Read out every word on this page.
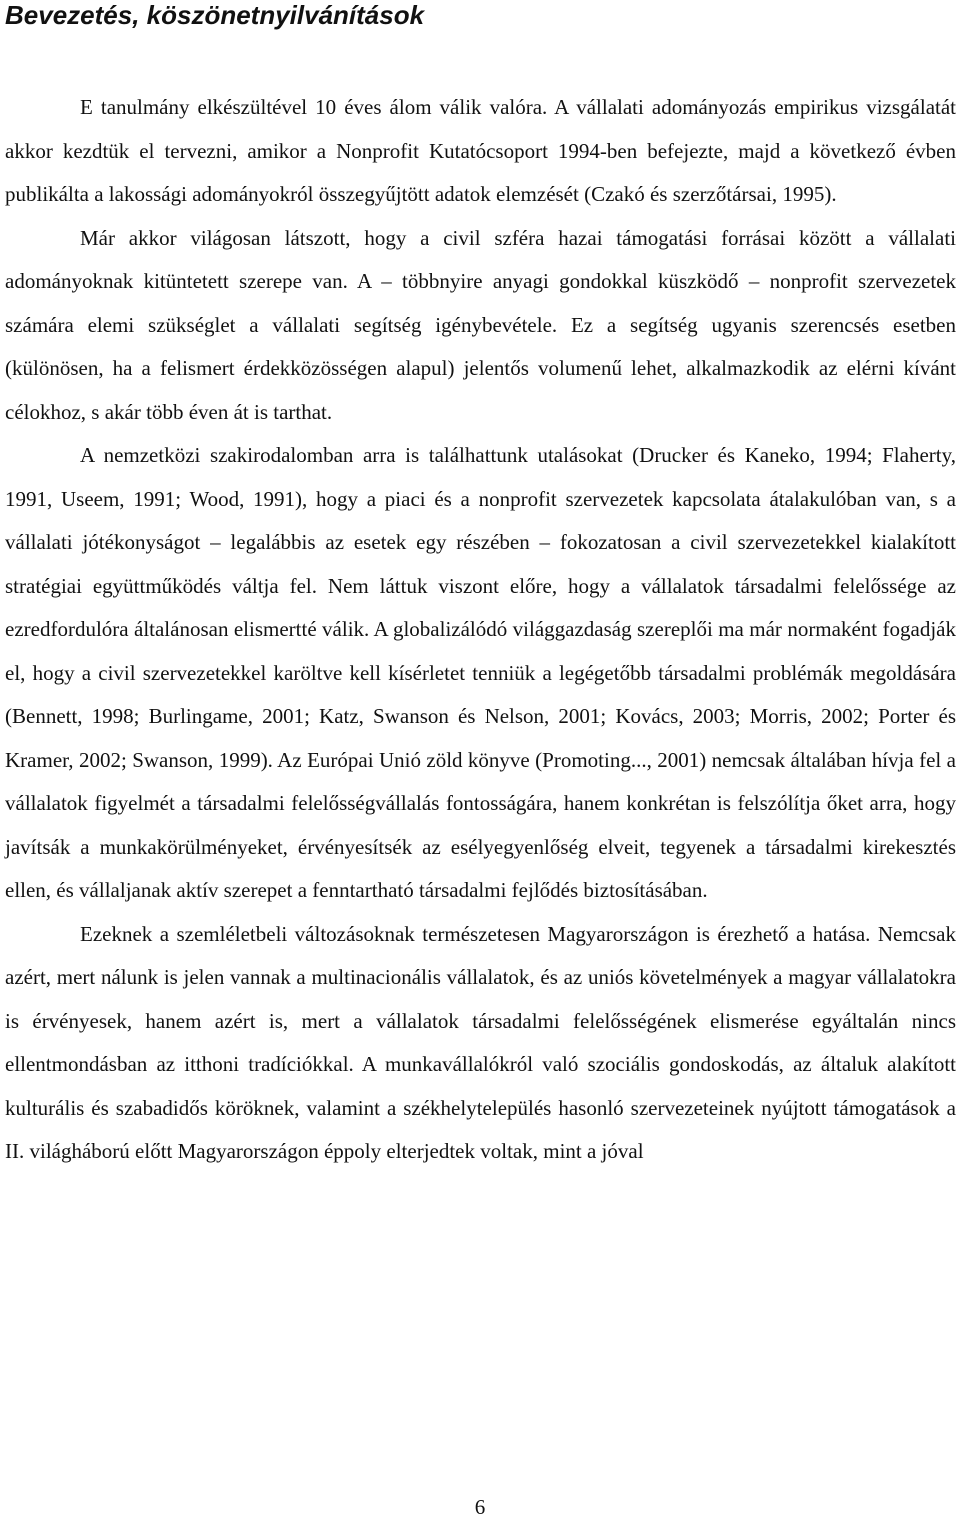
Bevezetés, köszönetnyilvánítások

E tanulmány elkészültével 10 éves álom válik valóra. A vállalati adományozás empirikus vizsgálatát akkor kezdtük el tervezni, amikor a Nonprofit Kutatócsoport 1994-ben befejezte, majd a következő évben publikálta a lakossági adományokról összegyűjtött adatok elemzését (Czakó és szerzőtársai, 1995).

Már akkor világosan látszott, hogy a civil szféra hazai támogatási forrásai között a vállalati adományoknak kitüntetett szerepe van. A – többnyire anyagi gondokkal küszködő – nonprofit szervezetek számára elemi szükséglet a vállalati segítség igénybevétele. Ez a segítség ugyanis szerencsés esetben (különösen, ha a felismert érdekközösségen alapul) jelentős volumenű lehet, alkalmazkodik az elérni kívánt célokhoz, s akár több éven át is tarthat.

A nemzetközi szakirodalomban arra is találhattunk utalásokat (Drucker és Kaneko, 1994; Flaherty, 1991, Useem, 1991; Wood, 1991), hogy a piaci és a nonprofit szervezetek kapcsolata átalakulóban van, s a vállalati jótékonyságot – legalábbis az esetek egy részében – fokozatosan a civil szervezetekkel kialakított stratégiai együttműködés váltja fel. Nem láttuk viszont előre, hogy a vállalatok társadalmi felelőssége az ezredfordulóra általánosan elismertté válik. A globalizálódó világgazdaság szereplői ma már normaként fogadják el, hogy a civil szervezetekkel karöltve kell kísérletet tenniük a legégetőbb társadalmi problémák megoldására (Bennett, 1998; Burlingame, 2001; Katz, Swanson és Nelson, 2001; Kovács, 2003; Morris, 2002; Porter és Kramer, 2002; Swanson, 1999). Az Európai Unió zöld könyve (Promoting..., 2001) nemcsak általában hívja fel a vállalatok figyelmét a társadalmi felelősségvállalás fontosságára, hanem konkrétan is felszólítja őket arra, hogy javítsák a munkakörülményeket, érvényesítsék az esélyegyenlőség elveit, tegyenek a társadalmi kirekesztés ellen, és vállaljanak aktív szerepet a fenntartható társadalmi fejlődés biztosításában.

Ezeknek a szemléletbeli változásoknak természetesen Magyarországon is érezhető a hatása. Nemcsak azért, mert nálunk is jelen vannak a multinacionális vállalatok, és az uniós követelmények a magyar vállalatokra is érvényesek, hanem azért is, mert a vállalatok társadalmi felelősségének elismerése egyáltalán nincs ellentmondásban az itthoni tradíciókkal. A munkavállalókról való szociális gondoskodás, az általuk alakított kulturális és szabadidős köröknek, valamint a székhelytelepülés hasonló szervezeteinek nyújtott támogatások a II. világháború előtt Magyarországon éppoly elterjedtek voltak, mint a jóval

6
